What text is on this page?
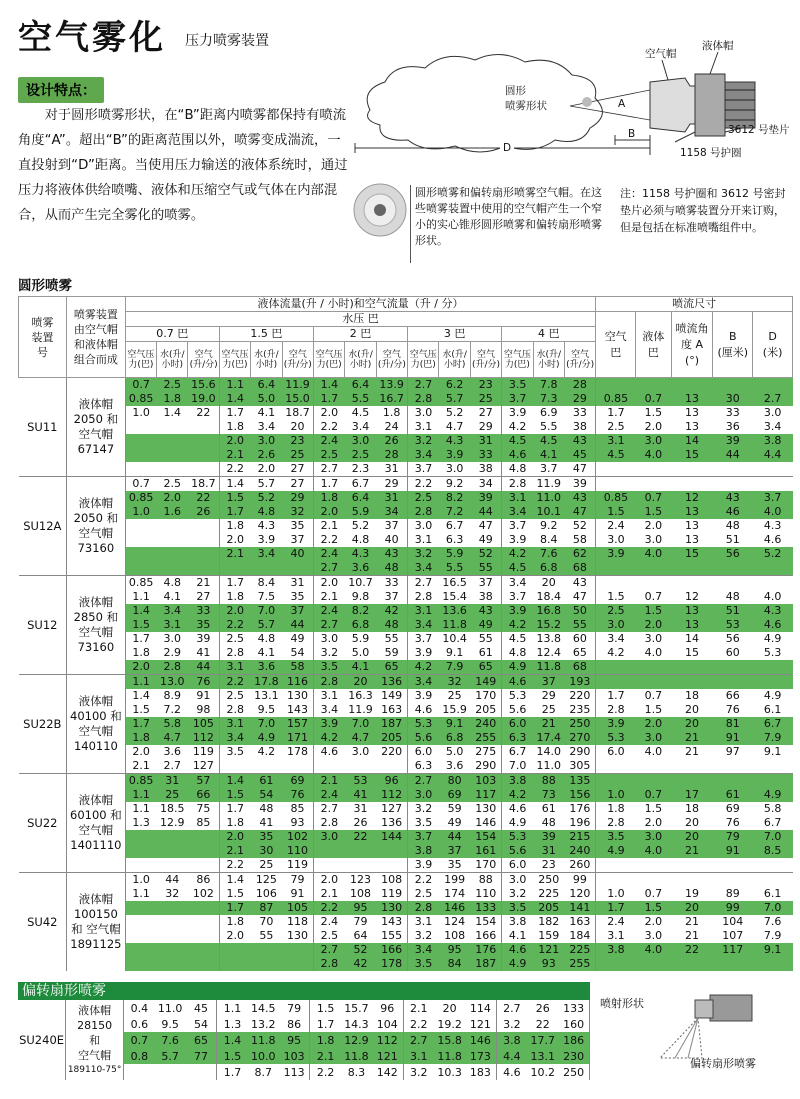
空气雾化 压力喷雾装置
设计特点：
对于圆形喷雾形状，在“B”距离内喷雾都保持有喷流角度“A”。超出“B”的距离范围以外，喷雾变成湍流，一直投射到“D”距离。当使用压力输送的液体系统时，通过压力将液体供给喷嘴、液体和压缩空气或气体在内部混合，从而产生完全雾化的喷雾。
圆形
喷雾形状
空气帽
液体帽
3612 号垫片
1158 号护圈
A
B
D
圆形喷雾和偏转扇形喷雾空气帽。在这些喷雾装置中使用的空气帽产生一个窄小的实心锥形圆形喷雾和偏转扇形喷雾形状。
注：1158 号护圈和 3612 号密封垫片必须与喷雾装置分开来订购，但是包括在标准喷嘴组件中。
圆形喷雾
喷雾
装置
号	喷雾装置
由空气帽
和液体帽
组合而成	液体流量(升 / 小时)和空气流量（升 / 分）															喷流尺寸				
		水压 巴															空气
巴	液体
巴	喷流角
度 A
(°)	B
(厘米)	D
(米)
		0.7 巴			1.5 巴			2 巴			3 巴			4 巴							
		空气压力(巴)	水(升/小时)	空气(升/分)	空气压力(巴)	水(升/小时)	空气(升/分)	空气压力(巴)	水(升/小时)	空气(升/分)	空气压力(巴)	水(升/小时)	空气(升/分)	空气压力(巴)	水(升/小时)	空气(升/分)					
SU11	液体帽 2050 和 空气帽 67147	0.7	2.5	15.6	1.1	6.4	11.9	1.4	6.4	13.9	2.7	6.2	23	3.5	7.8	28					
		0.85	1.8	19.0	1.4	5.0	15.0	1.7	5.5	16.7	2.8	5.7	25	3.7	7.3	29	0.85	0.7	13	30	2.7
		1.0	1.4	22	1.7	4.1	18.7	2.0	4.5	1.8	3.0	5.2	27	3.9	6.9	33	1.7	1.5	13	33	3.0
					1.8	3.4	20	2.2	3.4	24	3.1	4.7	29	4.2	5.5	38	2.5	2.0	13	36	3.4
					2.0	3.0	23	2.4	3.0	26	3.2	4.3	31	4.5	4.5	43	3.1	3.0	14	39	3.8
					2.1	2.6	25	2.5	2.5	28	3.4	3.9	33	4.6	4.1	45	4.5	4.0	15	44	4.4
					2.2	2.0	27	2.7	2.3	31	3.7	3.0	38	4.8	3.7	47					
SU12A	液体帽 2050 和 空气帽 73160	0.7	2.5	18.7	1.4	5.7	27	1.7	6.7	29	2.2	9.2	34	2.8	11.9	39					
		0.85	2.0	22	1.5	5.2	29	1.8	6.4	31	2.5	8.2	39	3.1	11.0	43	0.85	0.7	12	43	3.7
		1.0	1.6	26	1.7	4.8	32	2.0	5.9	34	2.8	7.2	44	3.4	10.1	47	1.5	1.5	13	46	4.0
					1.8	4.3	35	2.1	5.2	37	3.0	6.7	47	3.7	9.2	52	2.4	2.0	13	48	4.3
					2.0	3.9	37	2.2	4.8	40	3.1	6.3	49	3.9	8.4	58	3.0	3.0	13	51	4.6
					2.1	3.4	40	2.4	4.3	43	3.2	5.9	52	4.2	7.6	62	3.9	4.0	15	56	5.2
								2.7	3.6	48	3.4	5.5	55	4.5	6.8	68					
SU12	液体帽 2850 和 空气帽 73160	0.85	4.8	21	1.7	8.4	31	2.0	10.7	33	2.7	16.5	37	3.4	20	43					
		1.1	4.1	27	1.8	7.5	35	2.1	9.8	37	2.8	15.4	38	3.7	18.4	47	1.5	0.7	12	48	4.0
		1.4	3.4	33	2.0	7.0	37	2.4	8.2	42	3.1	13.6	43	3.9	16.8	50	2.5	1.5	13	51	4.3
		1.5	3.1	35	2.2	5.7	44	2.7	6.8	48	3.4	11.8	49	4.2	15.2	55	3.0	2.0	13	53	4.6
		1.7	3.0	39	2.5	4.8	49	3.0	5.9	55	3.7	10.4	55	4.5	13.8	60	3.4	3.0	14	56	4.9
		1.8	2.9	41	2.8	4.1	54	3.2	5.0	59	3.9	9.1	61	4.8	12.4	65	4.2	4.0	15	60	5.3
		2.0	2.8	44	3.1	3.6	58	3.5	4.1	65	4.2	7.9	65	4.9	11.8	68					
SU22B	液体帽 40100 和 空气帽 140110	1.1	13.0	76	2.2	17.8	116	2.8	20	136	3.4	32	149	4.6	37	193					
		1.4	8.9	91	2.5	13.1	130	3.1	16.3	149	3.9	25	170	5.3	29	220	1.7	0.7	18	66	4.9
		1.5	7.2	98	2.8	9.5	143	3.4	11.9	163	4.6	15.9	205	5.6	25	235	2.8	1.5	20	76	6.1
		1.7	5.8	105	3.1	7.0	157	3.9	7.0	187	5.3	9.1	240	6.0	21	250	3.9	2.0	20	81	6.7
		1.8	4.7	112	3.4	4.9	171	4.2	4.7	205	5.6	6.8	255	6.3	17.4	270	5.3	3.0	21	91	7.9
		2.0	3.6	119	3.5	4.2	178	4.6	3.0	220	6.0	5.0	275	6.7	14.0	290	6.0	4.0	21	97	9.1
		2.1	2.7	127							6.3	3.6	290	7.0	11.0	305					
SU22	液体帽 60100 和 空气帽 1401110	0.85	31	57	1.4	61	69	2.1	53	96	2.7	80	103	3.8	88	135					
		1.1	25	66	1.5	54	76	2.4	41	112	3.0	69	117	4.2	73	156	1.0	0.7	17	61	4.9
		1.1	18.5	75	1.7	48	85	2.7	31	127	3.2	59	130	4.6	61	176	1.8	1.5	18	69	5.8
		1.3	12.9	85	1.8	41	93	2.8	26	136	3.5	49	146	4.9	48	196	2.8	2.0	20	76	6.7
					2.0	35	102	3.0	22	144	3.7	44	154	5.3	39	215	3.5	3.0	20	79	7.0
					2.1	30	110				3.8	37	161	5.6	31	240	4.9	4.0	21	91	8.5
					2.2	25	119				3.9	35	170	6.0	23	260					
SU42	液体帽 100150 和 空气帽 1891125	1.0	44	86	1.4	125	79	2.0	123	108	2.2	199	88	3.0	250	99					
		1.1	32	102	1.5	106	91	2.1	108	119	2.5	174	110	3.2	225	120	1.0	0.7	19	89	6.1
					1.7	87	105	2.2	95	130	2.8	146	133	3.5	205	141	1.7	1.5	20	99	7.0
					1.8	70	118	2.4	79	143	3.1	124	154	3.8	182	163	2.4	2.0	21	104	7.6
					2.0	55	130	2.5	64	155	3.2	108	166	4.1	159	184	3.1	3.0	21	107	7.9
								2.7	52	166	3.4	95	176	4.6	121	225	3.8	4.0	22	117	9.1
								2.8	42	178	3.5	84	187	4.9	93	255					
偏转扇形喷雾
SU240E	液体帽
28150
和
空气帽
189110-75°	0.4	11.0	45	1.1	14.5	79	1.5	15.7	96	2.1	20	114	2.7	26	133
		0.6	9.5	54	1.3	13.2	86	1.7	14.3	104	2.2	19.2	121	3.2	22	160
		0.7	7.6	65	1.4	11.8	95	1.8	12.9	112	2.7	15.8	146	3.8	17.7	186
		0.8	5.7	77	1.5	10.0	103	2.1	11.8	121	3.1	11.8	173	4.4	13.1	230
					1.7	8.7	113	2.2	8.3	142	3.2	10.3	183	4.6	10.2	250
喷射形状
偏转扇形喷雾
